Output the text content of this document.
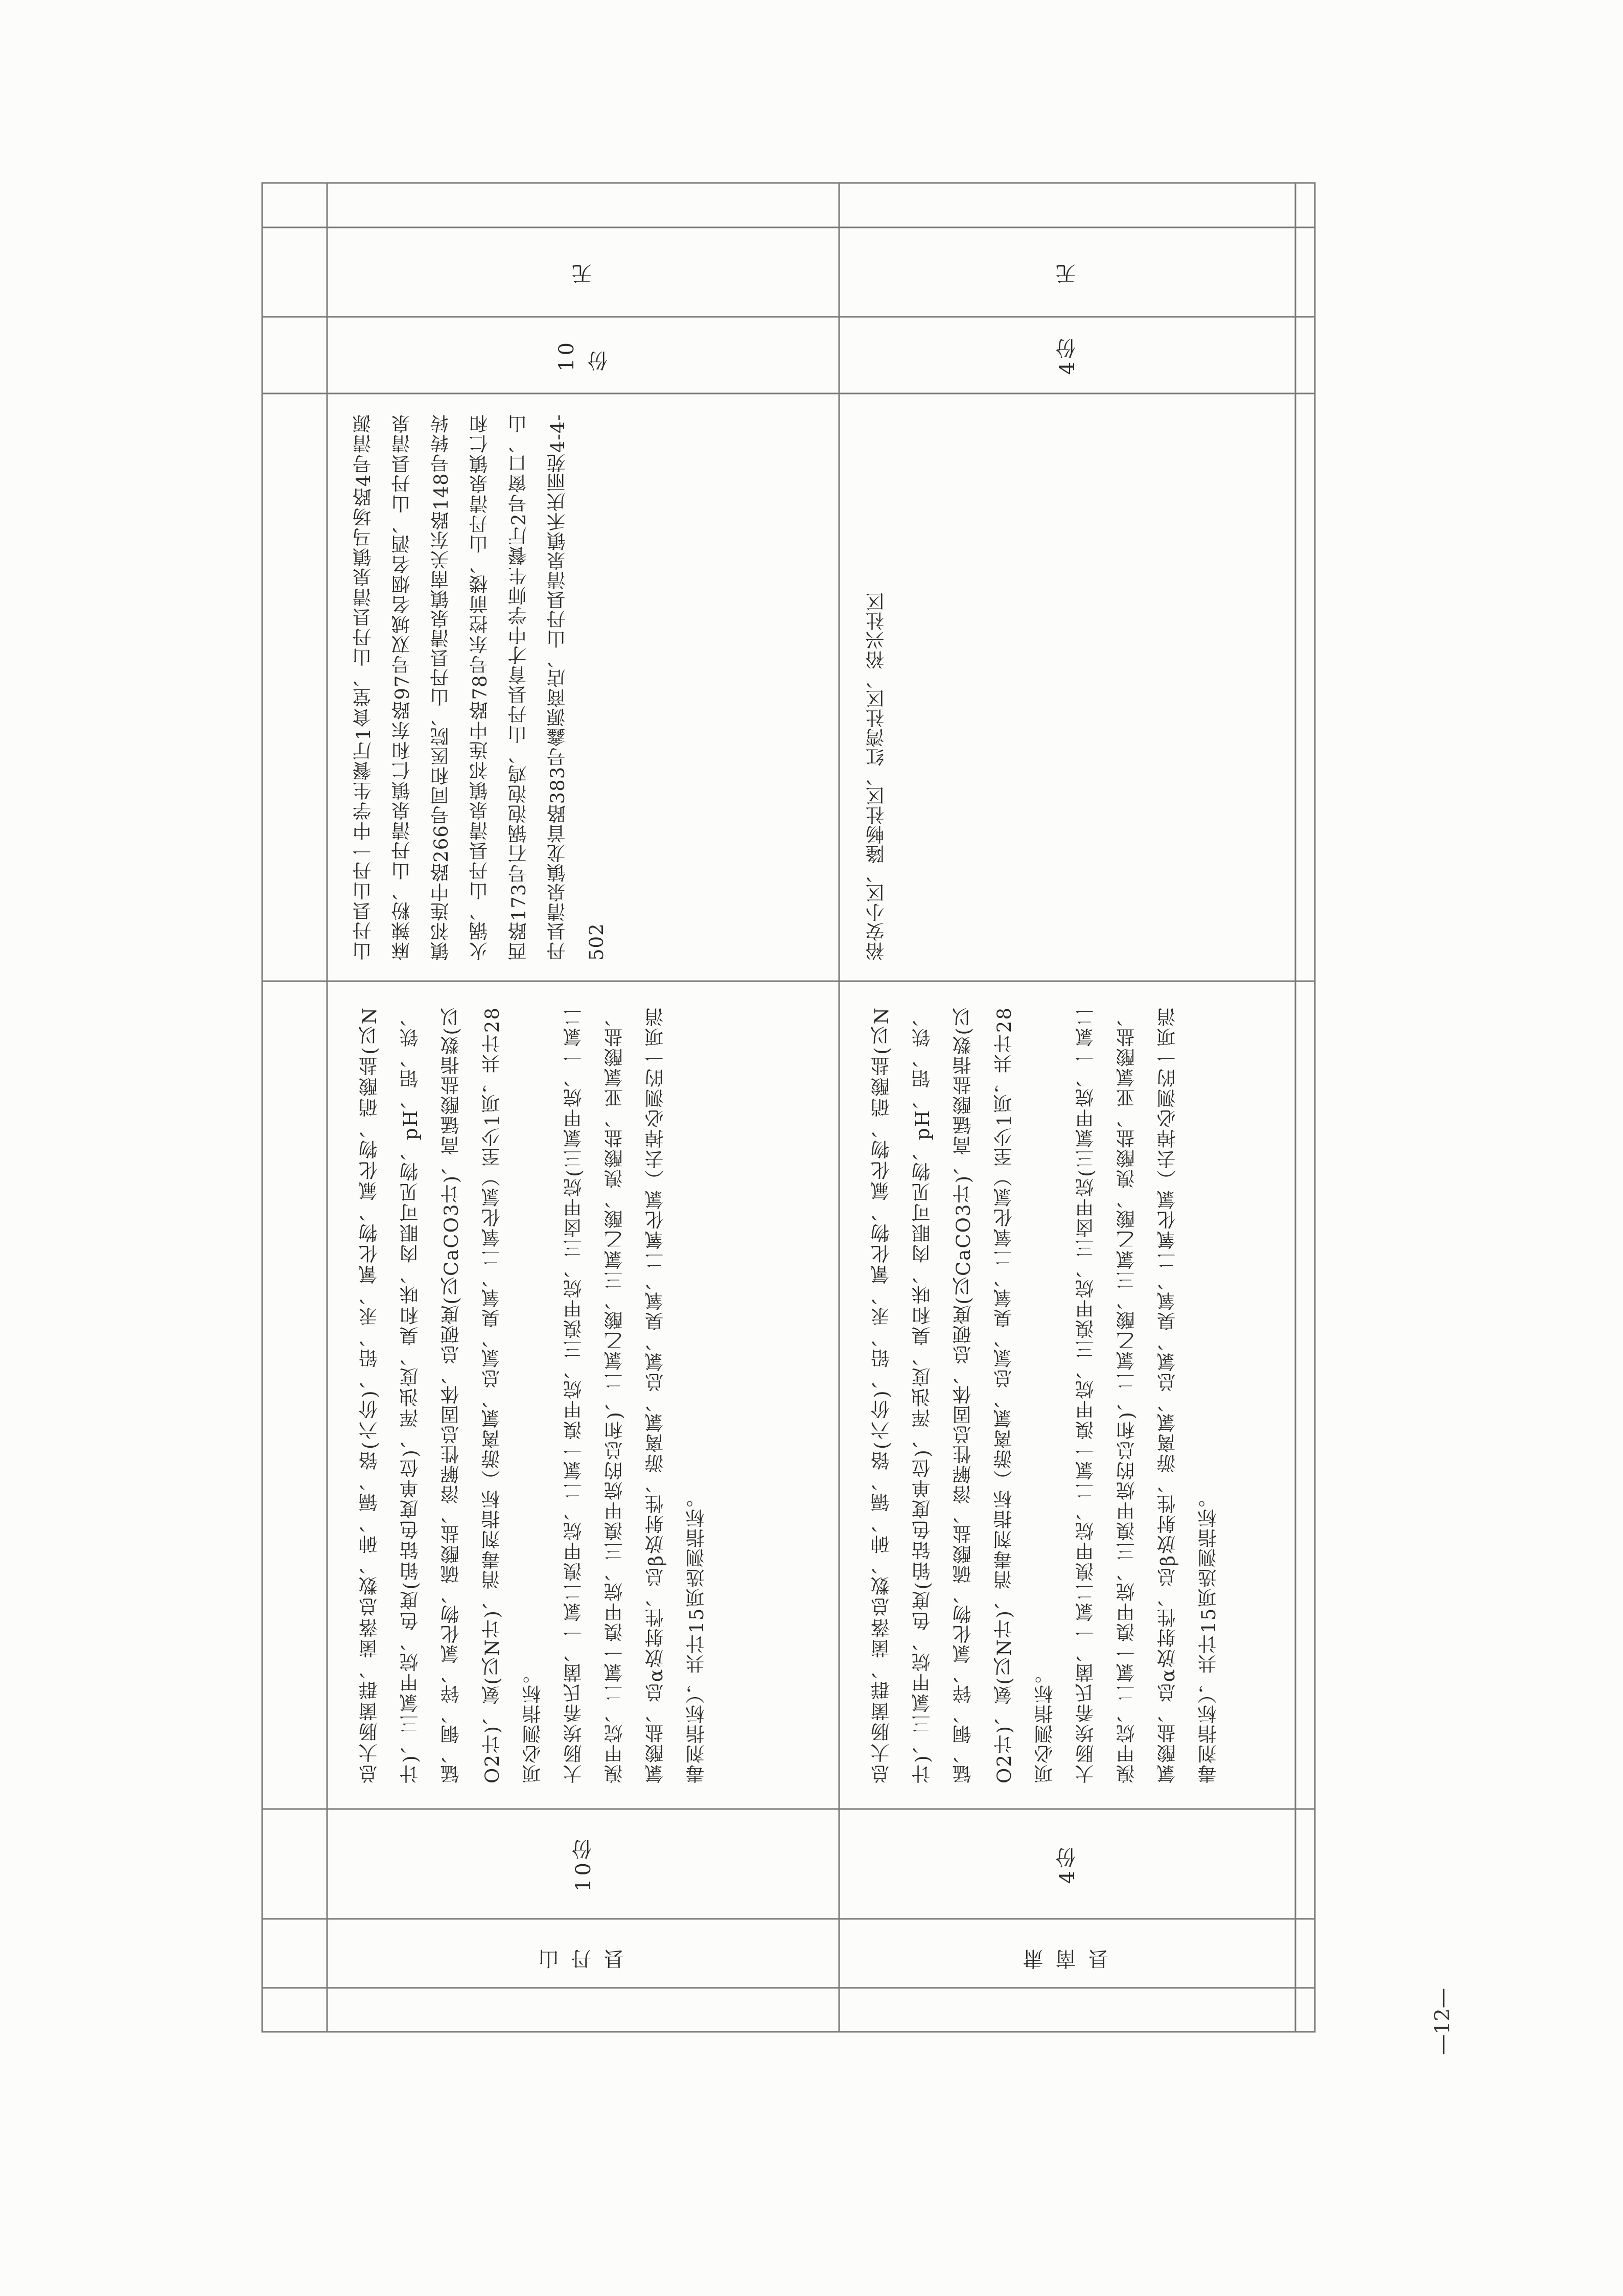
山
丹
县
10份
总大肠菌群、菌落总数、砷、镉、铬(六价)、铅、汞、氰化物、氟化物、硝酸盐(以N计)、三氯甲烷、色度(铂钴色度单位)、浑浊度、臭和味、肉眼可见物、pH、铝、铁、锰、铜、锌、氯化物、硫酸盐、溶解性总固体、总硬度(以CaCO3计)、高锰酸盐指数(以O2计)、氨(以N计)、消毒剂指标（游离氯、总氯、臭氧、二氧化氯）至少1项，共计28项必测指标。
大肠埃希氏菌、一氯二溴甲烷、二氯一溴甲烷、三溴甲烷、三卤甲烷(三氯甲烷、一氯二溴甲烷、二氯一溴甲烷、三溴甲烷的总和)、二氯乙酸、三氯乙酸、溴酸盐、亚氯酸盐、氯酸盐、总α放射性、总β放射性、游离氯、总氯、臭氧、二氧化氯（去掉必测的一项消毒剂指标），共计15项选测指标。
山丹县山丹一中学生餐厅1食堂、山丹县清泉镇马场路4号清源麻辣粉、山丹清泉镇仁和东路97号双城名烟名酒、山丹县清泉镇祁连中路266号同和医院、山丹县清泉镇南关东路148号转转火锅、山丹县清泉镇祁连中路78号东控前楼、山丹清泉镇仁和西路173号石锅泡泡鸡、山丹县育才中学师生餐厅2号窗口、山丹县清泉镇龙首路383号鑫源商店、山丹县清泉镇禾庆丽苑4-4-502
10
份
无
肃
南
县
4份
总大肠菌群、菌落总数、砷、镉、铬(六价)、铅、汞、氰化物、氟化物、硝酸盐(以N计)、三氯甲烷、色度(铂钴色度单位)、浑浊度、臭和味、肉眼可见物、pH、铝、铁、锰、铜、锌、氯化物、硫酸盐、溶解性总固体、总硬度(以CaCO3计)、高锰酸盐指数(以O2计)、氨(以N计)、消毒剂指标（游离氯、总氯、臭氧、二氧化氯）至少1项，共计28项必测指标。
大肠埃希氏菌、一氯二溴甲烷、二氯一溴甲烷、三溴甲烷、三卤甲烷(三氯甲烷、一氯二溴甲烷、二氯一溴甲烷、三溴甲烷的总和)、二氯乙酸、三氯乙酸、溴酸盐、亚氯酸盐、氯酸盐、总α放射性、总β放射性、游离氯、总氯、臭氧、二氧化氯（去掉必测的一项消毒剂指标），共计15项选测指标。
裕安小区、隆畅社区、红湾社区、裕兴社区
4份
无
—12—
